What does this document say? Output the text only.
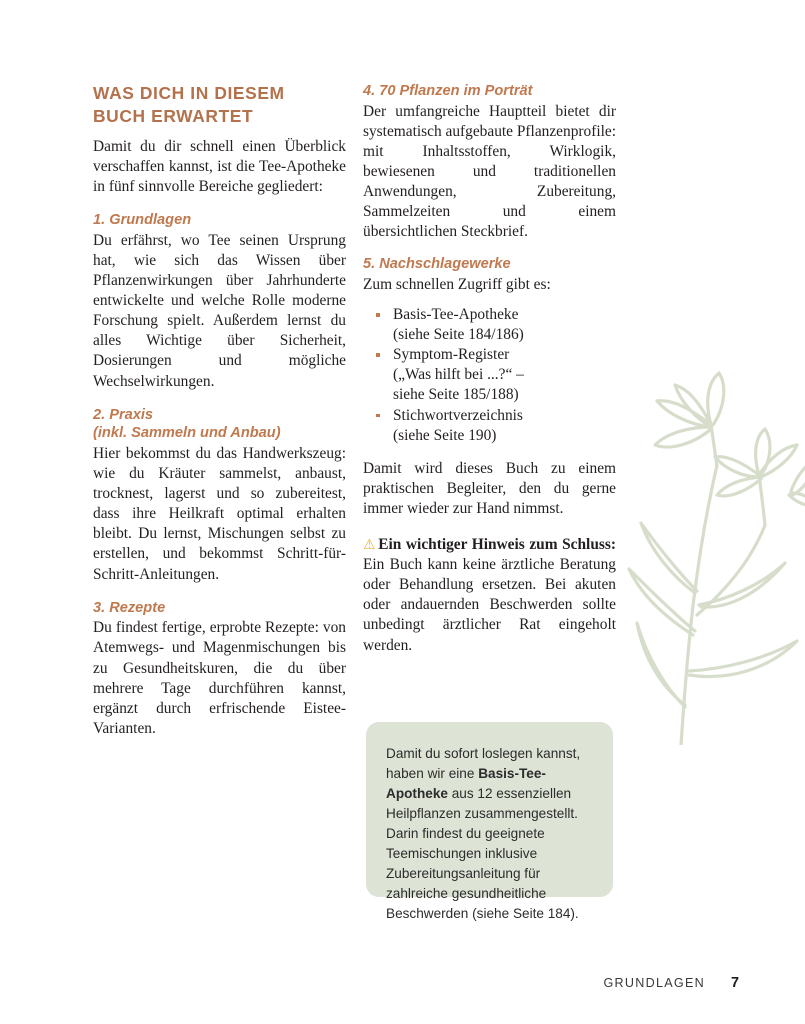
WAS DICH IN DIESEM
BUCH ERWARTET

Damit du dir schnell einen Überblick verschaffen kannst, ist die Tee-Apotheke in fünf sinnvolle Bereiche gegliedert:

1. Grundlagen

Du erfährst, wo Tee seinen Ursprung hat, wie sich das Wissen über Pflanzenwirkungen über Jahrhunderte entwickelte und welche Rolle moderne Forschung spielt. Außerdem lernst du alles Wichtige über Sicherheit, Dosierungen und mögliche Wechselwirkungen.

2. Praxis
(inkl. Sammeln und Anbau)

Hier bekommst du das Handwerkszeug: wie du Kräuter sammelst, anbaust, trocknest, lagerst und so zubereitest, dass ihre Heilkraft optimal erhalten bleibt. Du lernst, Mischungen selbst zu erstellen, und bekommst Schritt-für-Schritt-Anleitungen.

3. Rezepte

Du findest fertige, erprobte Rezepte: von Atemwegs- und Magenmischungen bis zu Gesundheitskuren, die du über mehrere Tage durchführen kannst, ergänzt durch erfrischende Eistee-Varianten.

4. 70 Pflanzen im Porträt

Der umfangreiche Hauptteil bietet dir systematisch aufgebaute Pflanzenprofile: mit Inhaltsstoffen, Wirklogik, bewiesenen und traditionellen Anwendungen, Zubereitung, Sammelzeiten und einem übersichtlichen Steckbrief.

5. Nachschlagewerke

Zum schnellen Zugriff gibt es:

Basis-Tee-Apotheke
(siehe Seite 184/186)
Symptom-Register
(„Was hilft bei ...?“ –
siehe Seite 185/188)
Stichwortverzeichnis
(siehe Seite 190)

Damit wird dieses Buch zu einem praktischen Begleiter, den du gerne immer wieder zur Hand nimmst.

⚠ Ein wichtiger Hinweis zum Schluss: Ein Buch kann keine ärztliche Beratung oder Behandlung ersetzen. Bei akuten oder andauernden Beschwerden sollte unbedingt ärztlicher Rat eingeholt werden.

Damit du sofort loslegen kannst, haben wir eine Basis-Tee-Apotheke aus 12 essenziellen Heilpflanzen zusammengestellt. Darin findest du geeignete Teemischungen inklusive Zubereitungsanleitung für zahlreiche gesundheitliche Beschwerden (siehe Seite 184).

GRUNDLAGEN 7
